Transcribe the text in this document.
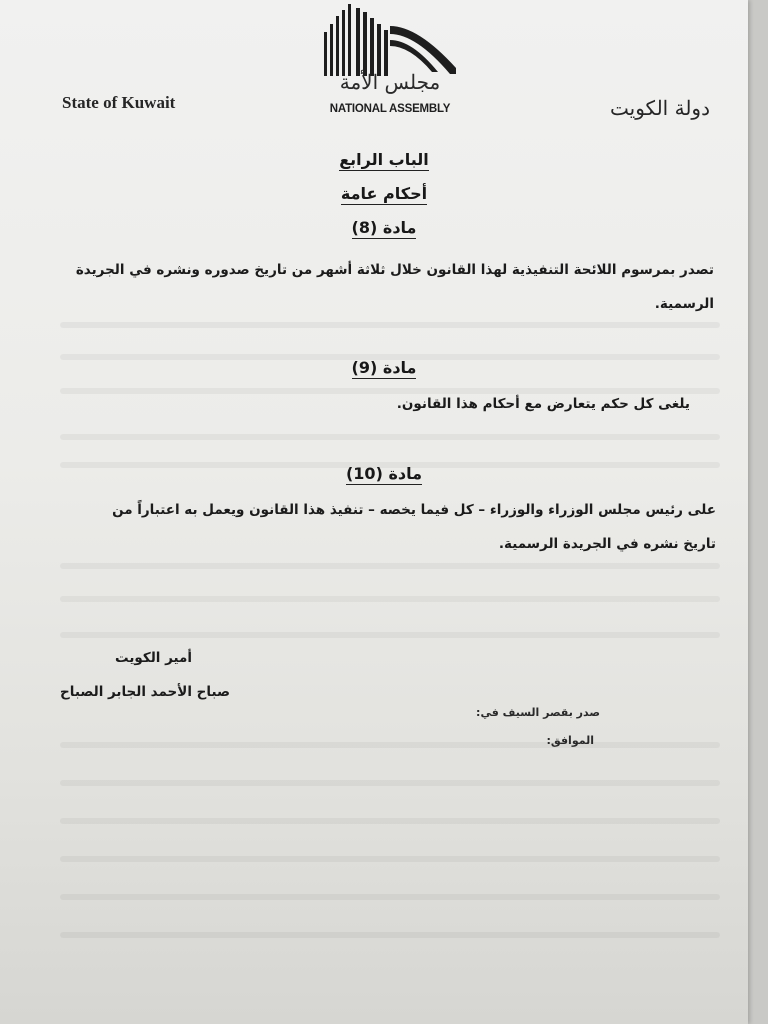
مجلس الأمة
NATIONAL ASSEMBLY
State of Kuwait	دولة الكويت
الباب الرابع
أحكام عامة
مادة (8)
تصدر بمرسوم اللائحة التنفيذية لهذا القانون خلال ثلاثة أشهر من تاريخ صدوره ونشره في الجريدة
الرسمية.
مادة (9)
يلغى كل حكم يتعارض مع أحكام هذا القانون.
مادة (10)
على رئيس مجلس الوزراء والوزراء – كل فيما يخصه – تنفيذ هذا القانون ويعمل به اعتباراً من
تاريخ نشره في الجريدة الرسمية.
أمير الكويت
صباح الأحمد الجابر الصباح
صدر بقصر السيف في:
الموافق:
